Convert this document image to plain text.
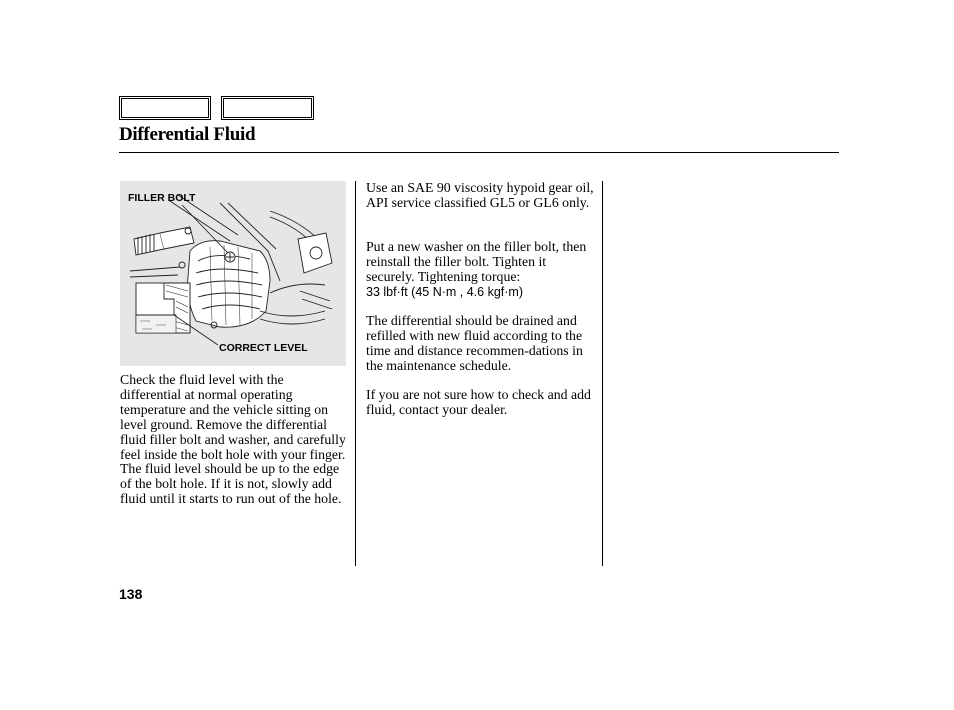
Differential Fluid
FILLER BOLT
CORRECT LEVEL

Check the fluid level with the differential at normal operating temperature and the vehicle sitting on level ground. Remove the differential fluid filler bolt and washer, and carefully feel inside the bolt hole with your finger. The fluid level should be up to the edge of the bolt hole. If it is not, slowly add fluid until it starts to run out of the hole.

Use an SAE 90 viscosity hypoid gear oil, API service classified GL5 or GL6 only.

Put a new washer on the filler bolt, then reinstall the filler bolt. Tighten it securely. Tightening torque:
33 lbf·ft (45 N·m , 4.6 kgf·m)

The differential should be drained and refilled with new fluid according to the time and distance recommen-dations in the maintenance schedule.

If you are not sure how to check and add fluid, contact your dealer.

138
